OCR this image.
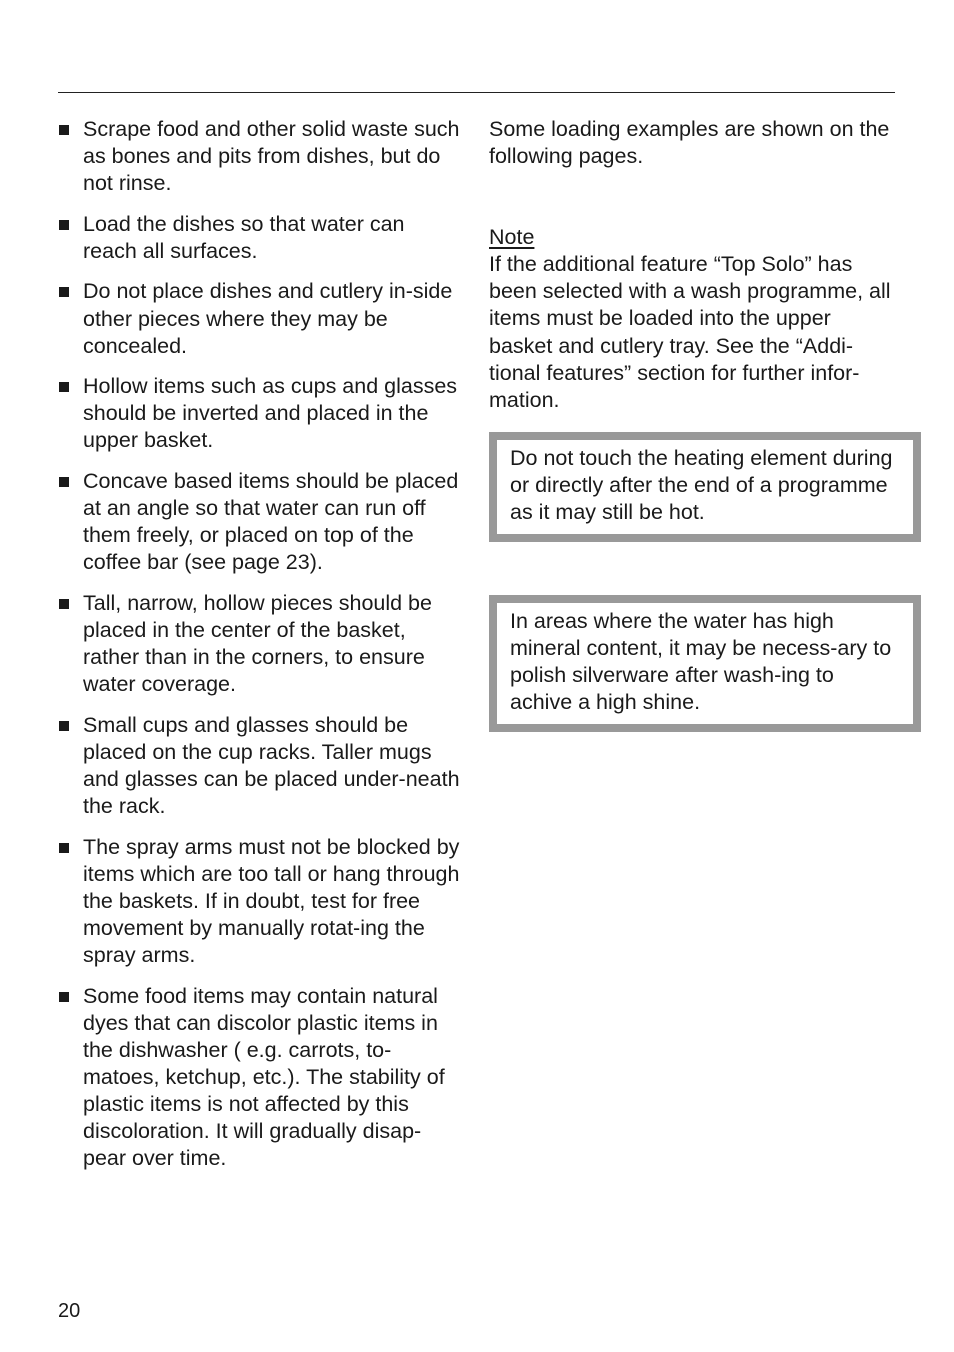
Scrape food and other solid waste such as bones and pits from dishes, but do not rinse.
Load the dishes so that water can reach all surfaces.
Do not place dishes and cutlery in-side other pieces where they may be concealed.
Hollow items such as cups and glasses should be inverted and placed in the upper basket.
Concave based items should be placed at an angle so that water can run off them freely, or placed on top of the coffee bar (see page 23).
Tall, narrow, hollow pieces should be placed in the center of the basket, rather than in the corners, to ensure water coverage.
Small cups and glasses should be placed on the cup racks. Taller mugs and glasses can be placed under-neath the rack.
The spray arms must not be blocked by items which are too tall or hang through the baskets. If in doubt, test for free movement by manually rotat-ing the spray arms.
Some food items may contain natural dyes that can discolor plastic items in the dishwasher ( e.g. carrots, to-matoes, ketchup, etc.). The stability of plastic items is not affected by this discoloration. It will gradually disap-pear over time.

Some loading examples are shown on the following pages.

Note
If the additional feature “Top Solo” has been selected with a wash programme, all items must be loaded into the upper basket and cutlery tray. See the “Addi-tional features” section for further infor-mation.

Do not touch the heating element during or directly after the end of a programme as it may still be hot.
In areas where the water has high mineral content, it may be necess-ary to polish silverware after wash-ing to achive a high shine.
20
